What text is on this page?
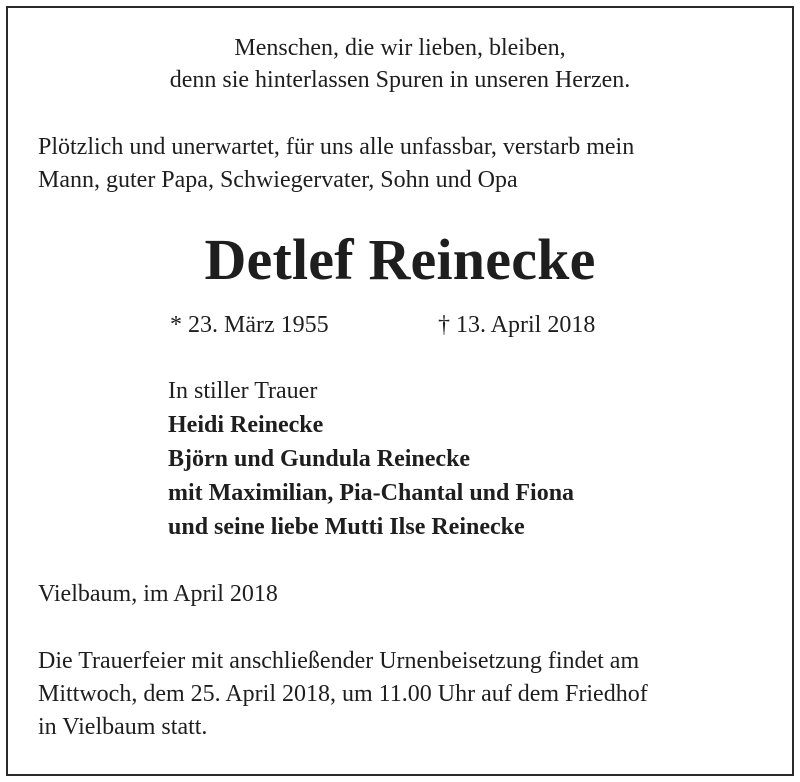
Menschen, die wir lieben, bleiben,

denn sie hinterlassen Spuren in unseren Herzen.

Plötzlich und unerwartet, für uns alle unfassbar, verstarb mein

Mann, guter Papa, Schwiegervater, Sohn und Opa

Detlef Reinecke

* 23. März 1955	† 13. April 2018

In stiller Trauer

Heidi Reinecke

Björn und Gundula Reinecke

mit Maximilian, Pia-Chantal und Fiona

und seine liebe Mutti Ilse Reinecke

Vielbaum, im April 2018

Die Trauerfeier mit anschließender Urnenbeisetzung findet am

Mittwoch, dem 25. April 2018, um 11.00 Uhr auf dem Friedhof

in Vielbaum statt.
